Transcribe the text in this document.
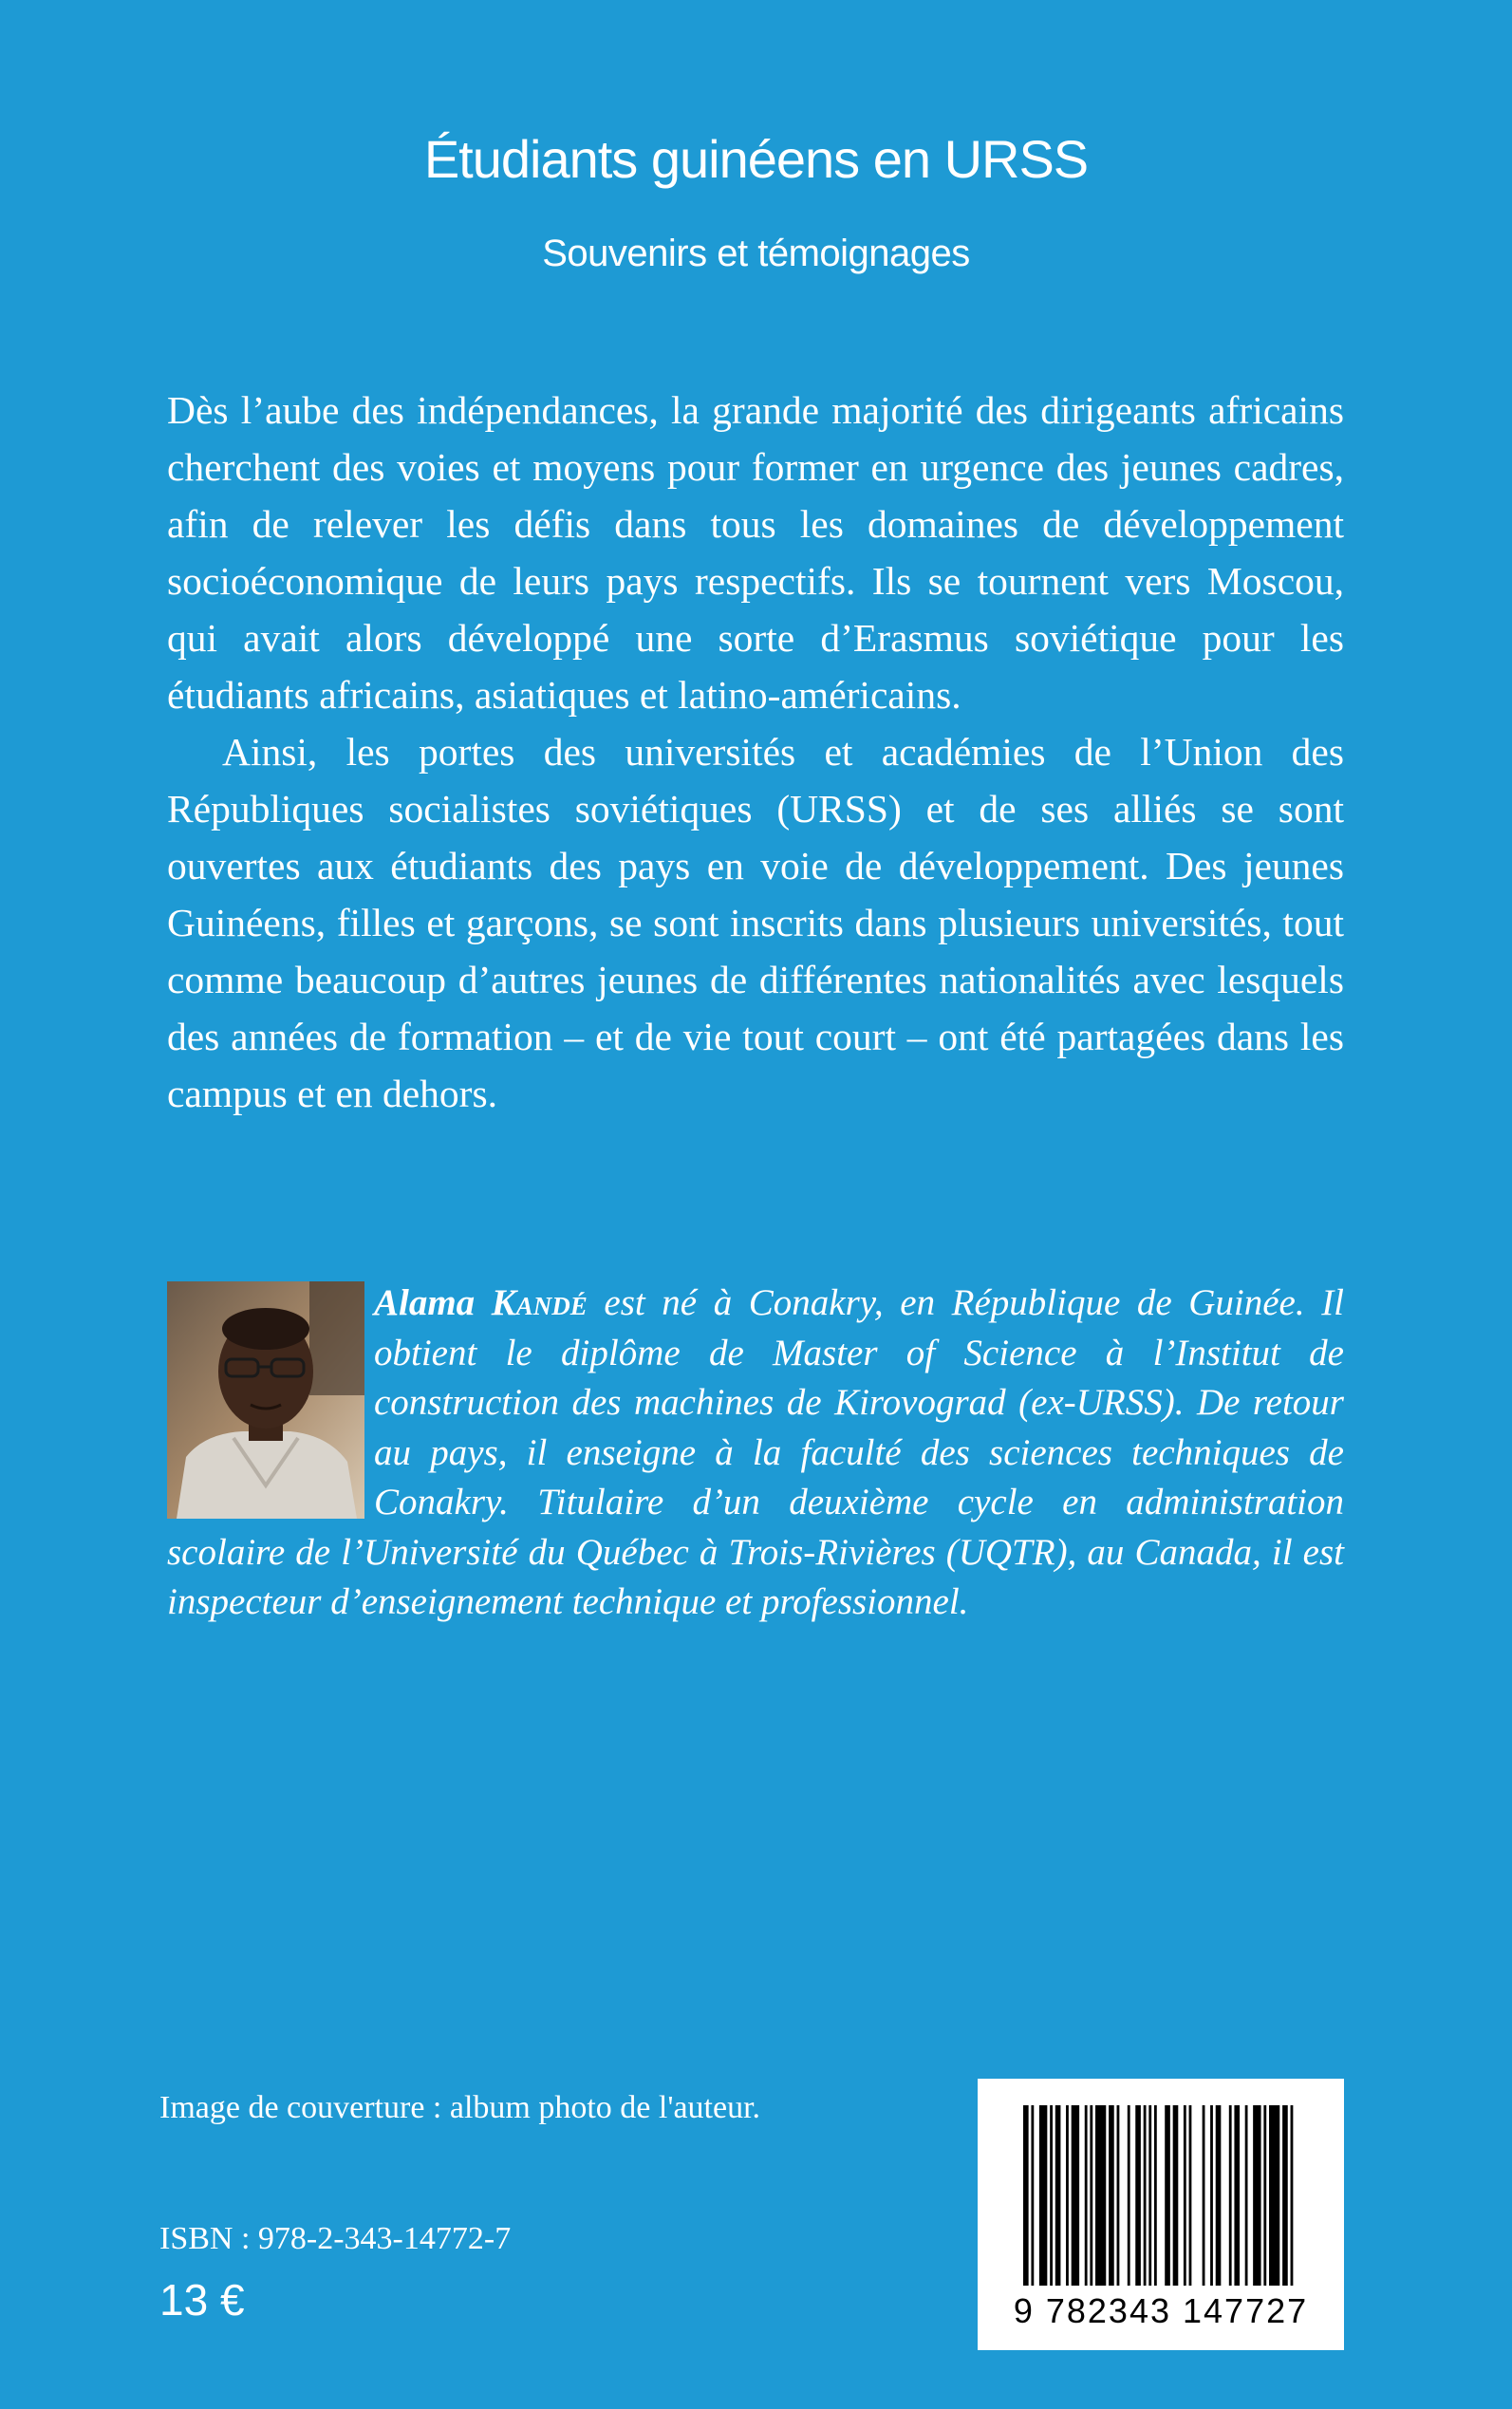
Étudiants guinéens en URSS
Souvenirs et témoignages

Dès l’aube des indépendances, la grande majorité des dirigeants africains cherchent des voies et moyens pour former en urgence des jeunes cadres, afin de relever les défis dans tous les domaines de développement socioéconomique de leurs pays respectifs. Ils se tournent vers Moscou, qui avait alors développé une sorte d’Erasmus soviétique pour les étudiants africains, asiatiques et latino-américains.

Ainsi, les portes des universités et académies de l’Union des Républiques socialistes soviétiques (URSS) et de ses alliés se sont ouvertes aux étudiants des pays en voie de développement. Des jeunes Guinéens, filles et garçons, se sont inscrits dans plusieurs universités, tout comme beaucoup d’autres jeunes de différentes nationalités avec lesquels des années de formation – et de vie tout court – ont été partagées dans les campus et en dehors.

Alama Kandé est né à Conakry, en République de Guinée. Il obtient le diplôme de Master of Science à l’Institut de construction des machines de Kirovograd (ex-URSS). De retour au pays, il enseigne à la faculté des sciences techniques de Conakry. Titulaire d’un deuxième cycle en administration scolaire de l’Université du Québec à Trois-Rivières (UQTR), au Canada, il est inspecteur d’enseignement technique et professionnel.
Image de couverture : album photo de l'auteur.
ISBN : 978-2-343-14772-7
13 €	9 782343 147727
